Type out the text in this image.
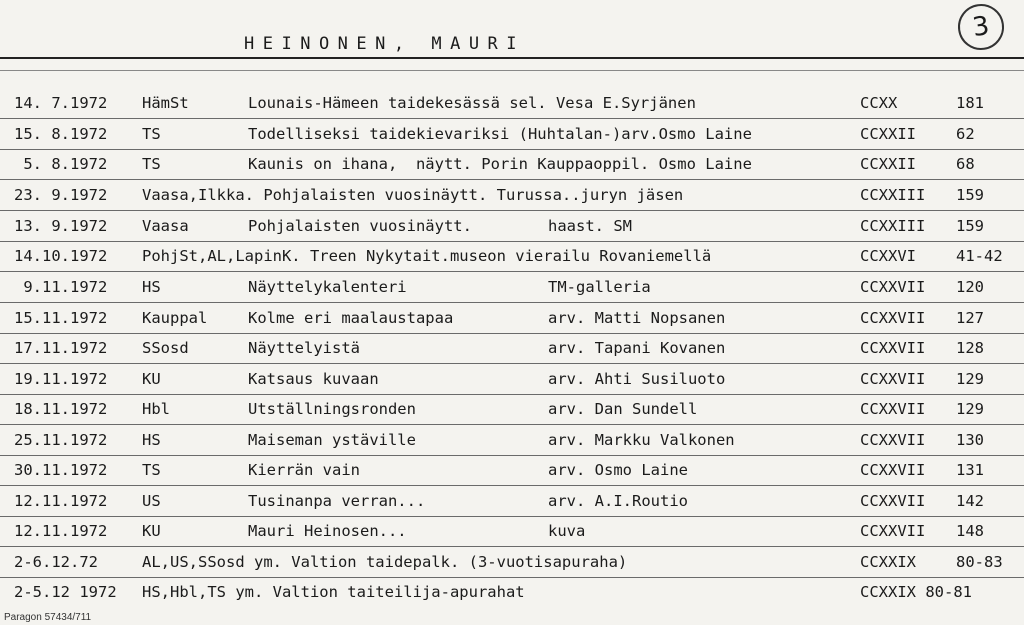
HEINONEN, MAURI
3
14. 7.1972 HämSt	Lounais-Hämeen taidekesässä sel. Vesa E.Syrjänen	CCXX	181
15. 8.1972 TS	Todelliseksi taidekievariksi (Huhtalan-)arv.Osmo Laine	CCXXII	62
5. 8.1972 TS	Kaunis on ihana,  näytt. Porin Kauppaoppil. Osmo Laine	CCXXII	68
23. 9.1972 Vaasa,Ilkka. Pohjalaisten vuosinäytt. Turussa..juryn jäsen	CCXXIII 159
13. 9.1972 Vaasa	Pohjalaisten vuosinäytt.	haast. SM	CCXXIII 159
14.10.1972 PohjSt,AL,LapinK. Treen Nykytait.museon vierailu Rovaniemellä	CCXXVI	41-42
9.11.1972 HS	Näyttelykalenteri	TM-galleria	CCXXVII 120
15.11.1972 Kauppal	Kolme eri maalaustapaa	arv. Matti Nopsanen	CCXXVII 127
17.11.1972 SSosd	Näyttelyistä	arv. Tapani Kovanen	CCXXVII 128
19.11.1972 KU	Katsaus kuvaan	arv. Ahti Susiluoto	CCXXVII 129
18.11.1972 Hbl	Utställningsronden	arv. Dan Sundell	CCXXVII 129
25.11.1972 HS	Maiseman ystäville	arv. Markku Valkonen	CCXXVII 130
30.11.1972 TS	Kierrän vain	arv. Osmo Laine	CCXXVII 131
12.11.1972 US	Tusinanpa verran...	arv. A.I.Routio	CCXXVII 142
12.11.1972 KU	Mauri Heinosen...	kuva	CCXXVII 148
2-6.12.72	AL,US,SSosd ym. Valtion taidepalk. (3-vuotisapuraha)	CCXXIX	80-83
2-5.12 1972 HS,Hbl,TS ym. Valtion taiteilija-apurahat	CCXXIX 80-81
Paragon 57434/711
